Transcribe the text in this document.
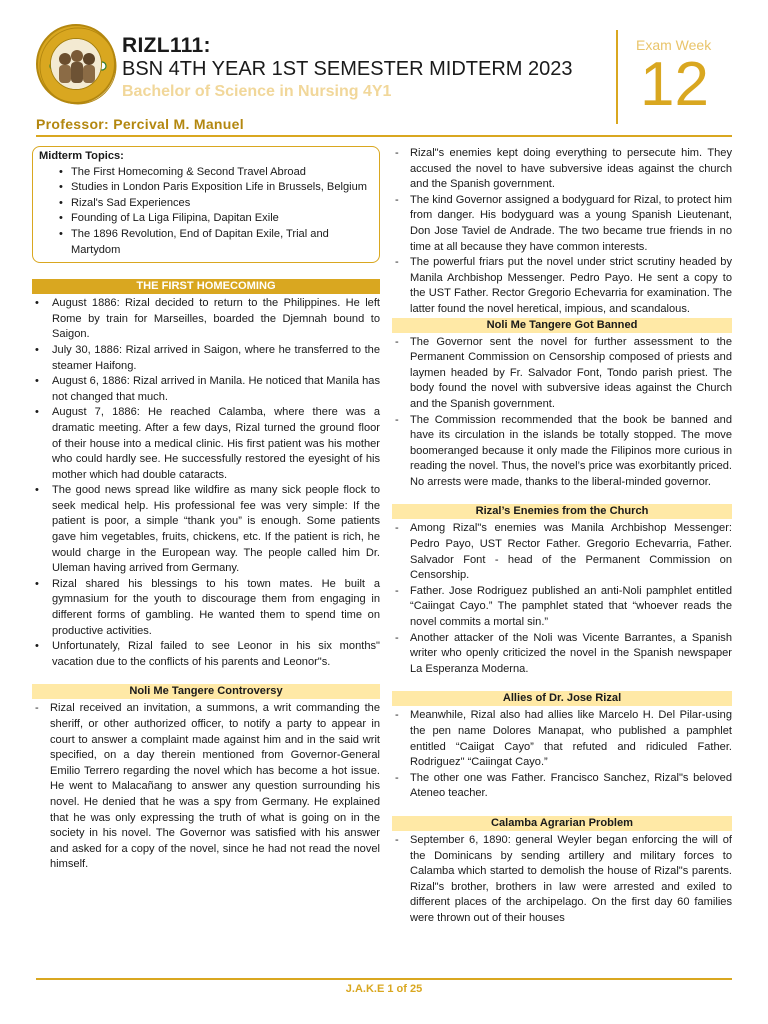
RIZL111:
BSN 4TH YEAR 1ST SEMESTER MIDTERM 2023
Bachelor of Science in Nursing 4Y1
Exam Week
12
Professor: Percival M. Manuel
Midterm Topics:
• The First Homecoming & Second Travel Abroad
• Studies in London Paris Exposition Life in Brussels, Belgium
• Rizal's Sad Experiences
• Founding of La Liga Filipina, Dapitan Exile
• The 1896 Revolution, End of Dapitan Exile, Trial and Martydom
THE FIRST HOMECOMING
• August 1886: Rizal decided to return to the Philippines. He left Rome by train for Marseilles, boarded the Djemnah bound to Saigon.
• July 30, 1886: Rizal arrived in Saigon, where he transferred to the steamer Haifong.
• August 6, 1886: Rizal arrived in Manila. He noticed that Manila has not changed that much.
• August 7, 1886: He reached Calamba, where there was a dramatic meeting. After a few days, Rizal turned the ground floor of their house into a medical clinic. His first patient was his mother who could hardly see. He successfully restored the eyesight of his mother which had double cataracts.
• The good news spread like wildfire as many sick people flock to seek medical help. His professional fee was very simple: If the patient is poor, a simple “thank you” is enough. Some patients gave him vegetables, fruits, chickens, etc. If the patient is rich, he would charge in the European way. The people called him Dr. Uleman having arrived from Germany.
• Rizal shared his blessings to his town mates. He built a gymnasium for the youth to discourage them from engaging in different forms of gambling. He wanted them to spend time on productive activities.
• Unfortunately, Rizal failed to see Leonor in his six months" vacation due to the conflicts of his parents and Leonor"s.
Noli Me Tangere Controversy
- Rizal received an invitation, a summons, a writ commanding the sheriff, or other authorized officer, to notify a party to appear in court to answer a complaint made against him and in the said writ specified, on a day therein mentioned from Governor-General Emilio Terrero regarding the novel which has become a hot issue. He went to Malacañang to answer any question surrounding his novel. He denied that he was a spy from Germany. He explained that he was only expressing the truth of what is going on in the society in his novel. The Governor was satisfied with his answer and asked for a copy of the novel, since he had not read the novel himself.
- Rizal"s enemies kept doing everything to persecute him. They accused the novel to have subversive ideas against the church and the Spanish government.
- The kind Governor assigned a bodyguard for Rizal, to protect him from danger. His bodyguard was a young Spanish Lieutenant, Don Jose Taviel de Andrade. The two became true friends in no time at all because they have common interests.
- The powerful friars put the novel under strict scrutiny headed by Manila Archbishop Messenger. Pedro Payo. He sent a copy to the UST Father. Rector Gregorio Echevarria for examination. The latter found the novel heretical, impious, and scandalous.
Noli Me Tangere Got Banned
- The Governor sent the novel for further assessment to the Permanent Commission on Censorship composed of priests and laymen headed by Fr. Salvador Font, Tondo parish priest. The body found the novel with subversive ideas against the Church and the Spanish government.
- The Commission recommended that the book be banned and have its circulation in the islands be totally stopped. The move boomeranged because it only made the Filipinos more curious in reading the novel. Thus, the novel’s price was exorbitantly priced. No arrests were made, thanks to the liberal-minded governor.
Rizal’s Enemies from the Church
- Among Rizal"s enemies was Manila Archbishop Messenger: Pedro Payo, UST Rector Father. Gregorio Echevarria, Father. Salvador Font - head of the Permanent Commission on Censorship.
- Father. Jose Rodriguez published an anti-Noli pamphlet entitled “Caiingat Cayo.” The pamphlet stated that “whoever reads the novel commits a mortal sin.”
- Another attacker of the Noli was Vicente Barrantes, a Spanish writer who openly criticized the novel in the Spanish newspaper La Esperanza Moderna.
Allies of Dr. Jose Rizal
- Meanwhile, Rizal also had allies like Marcelo H. Del Pilar-using the pen name Dolores Manapat, who published a pamphlet entitled “Caiigat Cayo” that refuted and ridiculed Father. Rodriguez" “Caiingat Cayo.”
- The other one was Father. Francisco Sanchez, Rizal"s beloved Ateneo teacher.
Calamba Agrarian Problem
- September 6, 1890: general Weyler began enforcing the will of the Dominicans by sending artillery and military forces to Calamba which started to demolish the house of Rizal"s parents. Rizal"s brother, brothers in law were arrested and exiled to different places of the archipelago. On the first day 60 families were thrown out of their houses
J.A.K.E 1 of 25
